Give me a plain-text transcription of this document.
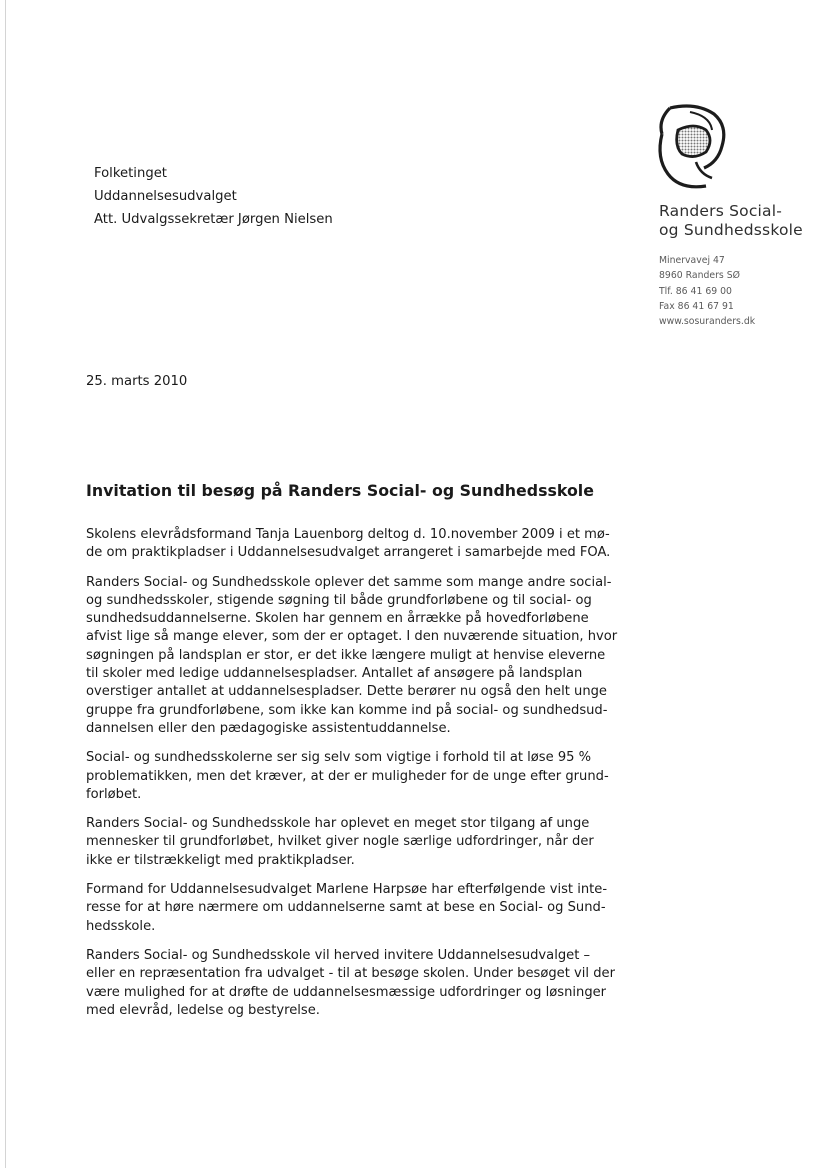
Folketinget
Uddannelsesudvalget
Att. Udvalgssekretær Jørgen Nielsen	Randers Social-
og Sundhedsskole
Minervavej 47
8960 Randers SØ
Tlf. 86 41 69 00
Fax 86 41 67 91
www.sosuranders.dk
25. marts 2010
Invitation til besøg på Randers Social- og Sundhedsskole

Skolens elevrådsformand Tanja Lauenborg deltog d. 10.november 2009 i et mø-
de om praktikpladser i Uddannelsesudvalget arrangeret i samarbejde med FOA.

Randers Social- og Sundhedsskole oplever det samme som mange andre social-
og sundhedsskoler, stigende søgning til både grundforløbene og til social- og
sundhedsuddannelserne. Skolen har gennem en årrække på hovedforløbene
afvist lige så mange elever, som der er optaget. I den nuværende situation, hvor
søgningen på landsplan er stor, er det ikke længere muligt at henvise eleverne
til skoler med ledige uddannelsespladser. Antallet af ansøgere på landsplan
overstiger antallet at uddannelsespladser. Dette berører nu også den helt unge
gruppe fra grundforløbene, som ikke kan komme ind på social- og sundhedsud-
dannelsen eller den pædagogiske assistentuddannelse.

Social- og sundhedsskolerne ser sig selv som vigtige i forhold til at løse 95 %
problematikken, men det kræver, at der er muligheder for de unge efter grund-
forløbet.

Randers Social- og Sundhedsskole har oplevet en meget stor tilgang af unge
mennesker til grundforløbet, hvilket giver nogle særlige udfordringer, når der
ikke er tilstrækkeligt med praktikpladser.

Formand for Uddannelsesudvalget Marlene Harpsøe har efterfølgende vist inte-
resse for at høre nærmere om uddannelserne samt at bese en Social- og Sund-
hedsskole.

Randers Social- og Sundhedsskole vil herved invitere Uddannelsesudvalget –
eller en repræsentation fra udvalget - til at besøge skolen. Under besøget vil der
være mulighed for at drøfte de uddannelsesmæssige udfordringer og løsninger
med elevråd, ledelse og bestyrelse.
